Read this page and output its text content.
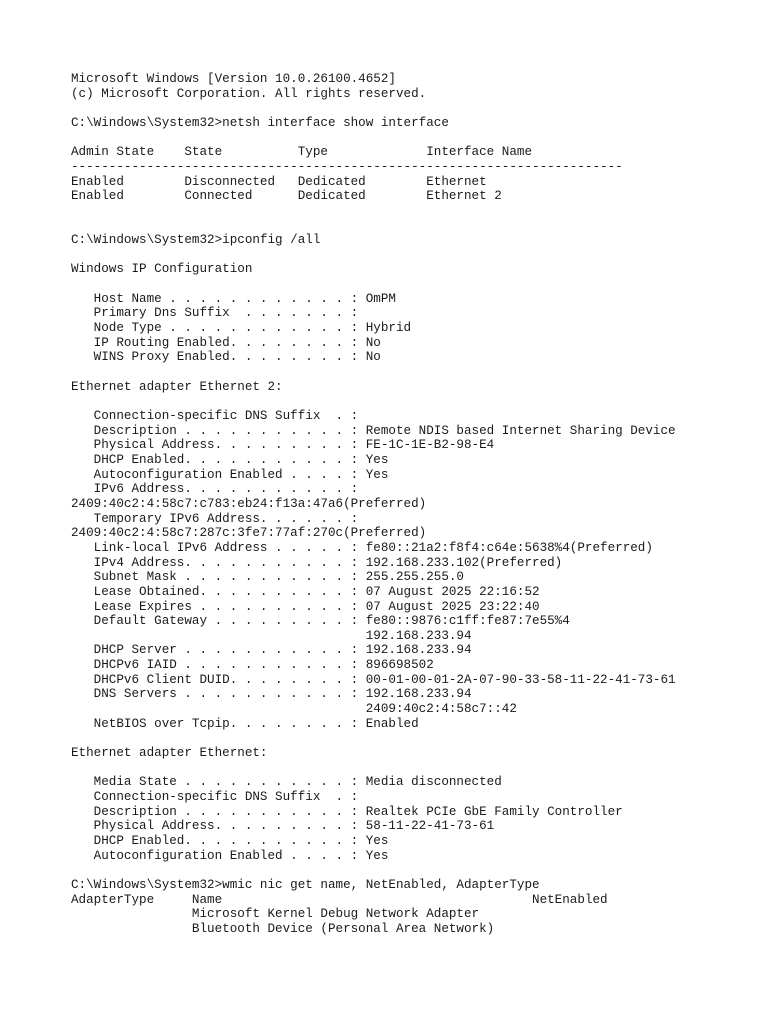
Microsoft Windows [Version 10.0.26100.4652]
(c) Microsoft Corporation. All rights reserved.
C:\Windows\System32>netsh interface show interface
Admin State    State          Type             Interface Name
-------------------------------------------------------------------------
Enabled        Disconnected   Dedicated        Ethernet
Enabled        Connected      Dedicated        Ethernet 2
C:\Windows\System32>ipconfig /all
Windows IP Configuration
Host Name . . . . . . . . . . . . : OmPM
Primary Dns Suffix  . . . . . . . :
Node Type . . . . . . . . . . . . : Hybrid
IP Routing Enabled. . . . . . . . : No
WINS Proxy Enabled. . . . . . . . : No
Ethernet adapter Ethernet 2:
Connection-specific DNS Suffix  . :
Description . . . . . . . . . . . : Remote NDIS based Internet Sharing Device
Physical Address. . . . . . . . . : FE-1C-1E-B2-98-E4
DHCP Enabled. . . . . . . . . . . : Yes
Autoconfiguration Enabled . . . . : Yes
IPv6 Address. . . . . . . . . . . :
2409:40c2:4:58c7:c783:eb24:f13a:47a6(Preferred)
Temporary IPv6 Address. . . . . . :
2409:40c2:4:58c7:287c:3fe7:77af:270c(Preferred)
Link-local IPv6 Address . . . . . : fe80::21a2:f8f4:c64e:5638%4(Preferred)
IPv4 Address. . . . . . . . . . . : 192.168.233.102(Preferred)
Subnet Mask . . . . . . . . . . . : 255.255.255.0
Lease Obtained. . . . . . . . . . : 07 August 2025 22:16:52
Lease Expires . . . . . . . . . . : 07 August 2025 23:22:40
Default Gateway . . . . . . . . . : fe80::9876:c1ff:fe87:7e55%4
192.168.233.94
DHCP Server . . . . . . . . . . . : 192.168.233.94
DHCPv6 IAID . . . . . . . . . . . : 896698502
DHCPv6 Client DUID. . . . . . . . : 00-01-00-01-2A-07-90-33-58-11-22-41-73-61
DNS Servers . . . . . . . . . . . : 192.168.233.94
2409:40c2:4:58c7::42
NetBIOS over Tcpip. . . . . . . . : Enabled
Ethernet adapter Ethernet:
Media State . . . . . . . . . . . : Media disconnected
Connection-specific DNS Suffix  . :
Description . . . . . . . . . . . : Realtek PCIe GbE Family Controller
Physical Address. . . . . . . . . : 58-11-22-41-73-61
DHCP Enabled. . . . . . . . . . . : Yes
Autoconfiguration Enabled . . . . : Yes
C:\Windows\System32>wmic nic get name, NetEnabled, AdapterType
AdapterType     Name                                         NetEnabled
Microsoft Kernel Debug Network Adapter
Bluetooth Device (Personal Area Network)
